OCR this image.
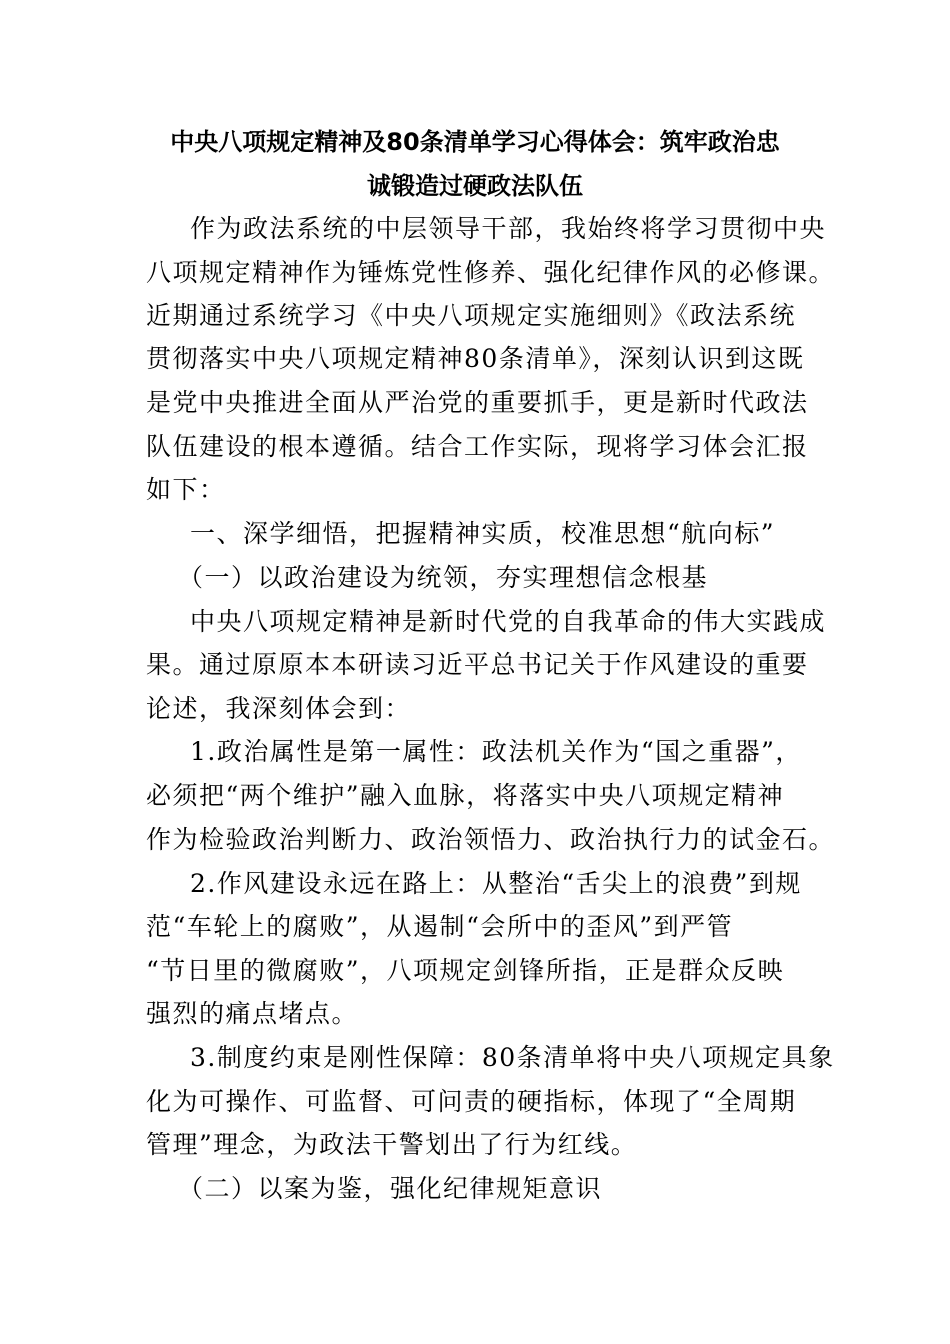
中央八项规定精神及80条清单学习心得体会：筑牢政治忠
诚锻造过硬政法队伍
作为政法系统的中层领导干部，我始终将学习贯彻中央
八项规定精神作为锤炼党性修养、强化纪律作风的必修课。
近期通过系统学习《中央八项规定实施细则》《政法系统
贯彻落实中央八项规定精神80条清单》，深刻认识到这既
是党中央推进全面从严治党的重要抓手，更是新时代政法
队伍建设的根本遵循。结合工作实际，现将学习体会汇报
如下：
一、深学细悟，把握精神实质，校准思想“航向标”
（一）以政治建设为统领，夯实理想信念根基
中央八项规定精神是新时代党的自我革命的伟大实践成
果。通过原原本本研读习近平总书记关于作风建设的重要
论述，我深刻体会到：
1.政治属性是第一属性：政法机关作为“国之重器”，
必须把“两个维护”融入血脉，将落实中央八项规定精神
作为检验政治判断力、政治领悟力、政治执行力的试金石。
2.作风建设永远在路上：从整治“舌尖上的浪费”到规
范“车轮上的腐败”，从遏制“会所中的歪风”到严管
“节日里的微腐败”，八项规定剑锋所指，正是群众反映
强烈的痛点堵点。
3.制度约束是刚性保障：80条清单将中央八项规定具象
化为可操作、可监督、可问责的硬指标，体现了“全周期
管理”理念，为政法干警划出了行为红线。
（二）以案为鉴，强化纪律规矩意识
